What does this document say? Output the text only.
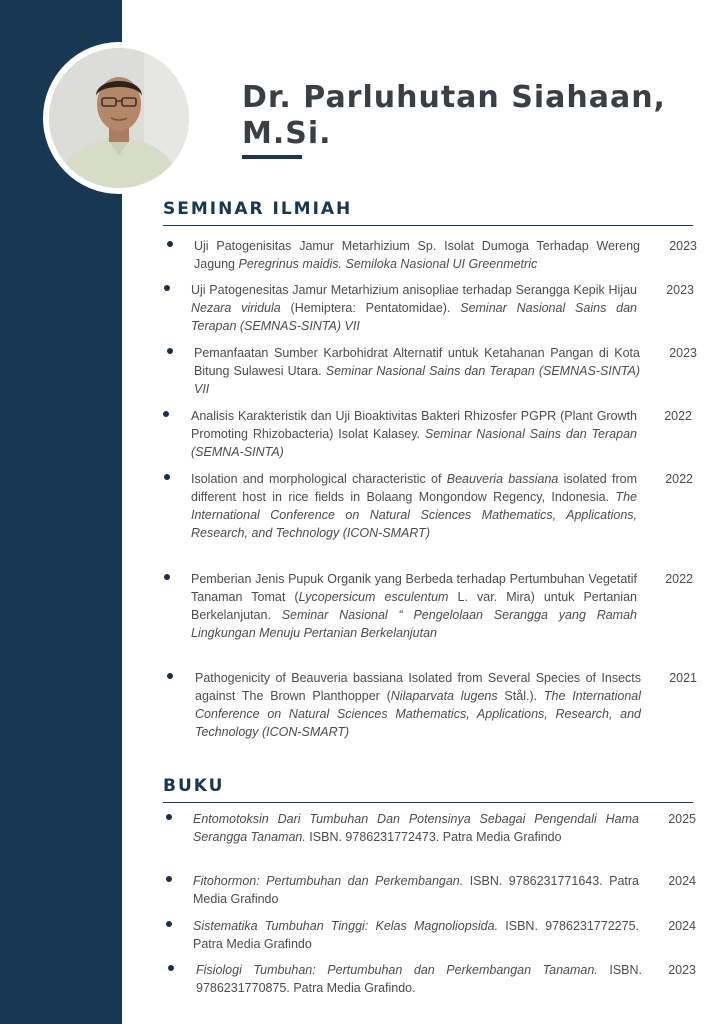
Dr. Parluhutan Siahaan,
M.Si.
SEMINAR ILMIAH
Uji Patogenisitas Jamur Metarhizium Sp. Isolat Dumoga Terhadap Wereng Jagung Peregrinus maidis. Semiloka Nasional UI Greenmetric
2023
Uji Patogenesitas Jamur Metarhizium anisopliae terhadap Serangga Kepik Hijau Nezara viridula (Hemiptera: Pentatomidae). Seminar Nasional Sains dan Terapan (SEMNAS-SINTA) VII
2023
Pemanfaatan Sumber Karbohidrat Alternatif untuk Ketahanan Pangan di Kota Bitung Sulawesi Utara. Seminar Nasional Sains dan Terapan (SEMNAS-SINTA) VII
2023
Analisis Karakteristik dan Uji Bioaktivitas Bakteri Rhizosfer PGPR (Plant Growth Promoting Rhizobacteria) Isolat Kalasey. Seminar Nasional Sains dan Terapan (SEMNA-SINTA)
2022
Isolation and morphological characteristic of Beauveria bassiana isolated from different host in rice fields in Bolaang Mongondow Regency, Indonesia. The International Conference on Natural Sciences Mathematics, Applications, Research, and Technology (ICON-SMART)
2022
Pemberian Jenis Pupuk Organik yang Berbeda terhadap Pertumbuhan Vegetatif Tanaman Tomat (Lycopersicum esculentum L. var. Mira) untuk Pertanian Berkelanjutan. Seminar Nasional “ Pengelolaan Serangga yang Ramah Lingkungan Menuju Pertanian Berkelanjutan
2022
Pathogenicity of Beauveria bassiana Isolated from Several Species of Insects against The Brown Planthopper (Nilaparvata lugens Stål.). The International Conference on Natural Sciences Mathematics, Applications, Research, and Technology (ICON-SMART)
2021
BUKU
Entomotoksin Dari Tumbuhan Dan Potensinya Sebagai Pengendali Hama Serangga Tanaman. ISBN. 9786231772473. Patra Media Grafindo
2025
Fitohormon: Pertumbuhan dan Perkembangan. ISBN. 9786231771643. Patra Media Grafindo
2024
Sistematika Tumbuhan Tinggi: Kelas Magnoliopsida. ISBN. 9786231772275. Patra Media Grafindo
2024
Fisiologi Tumbuhan: Pertumbuhan dan Perkembangan Tanaman. ISBN. 9786231770875. Patra Media Grafindo.
2023
